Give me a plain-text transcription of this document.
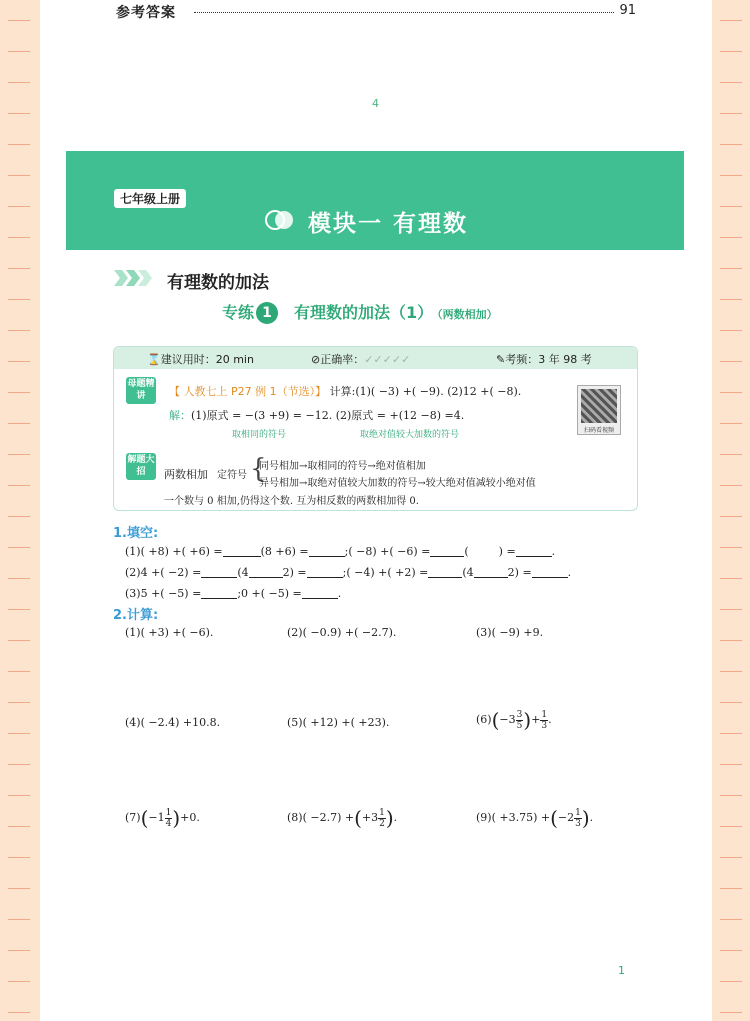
参考答案	91
4
七年级上册
模块一 有理数
有理数的加法
专练 1 有理数的加法（1） （两数相加）
⌛建议用时：20 min	⊘正确率：✓✓✓✓✓	✎考频：3 年 98 考
母题精讲	【 人教七上 P27 例 1（节选）】 计算:(1)( −3) +( −9). (2)12 +( −8).
解：(1)原式 = −(3 +9) = −12. (2)原式 = +(12 −8) =4.
取相同的符号	取绝对值较大加数的符号	扫码看视频
解题大招	两数相加 定符号 {
同号相加→取相同的符号→绝对值相加
异号相加→取绝对值较大加数的符号→较大绝对值减较小绝对值
一个数与 0 相加,仍得这个数. 互为相反数的两数相加得 0.
1.填空:
(1)( +8) +( +6) =	(8 +6) =	;( −8) +( −6) =	(	) =	.
(2)4 +( −2) =	(4	2) =	;( −4) +( +2) =	(4	2) =	.
(3)5 +( −5) =	;0 +( −5) =	.
2.计算:
(1)( +3) +( −6).	(2)( −0.9) +( −2.7).	(3)( −9) +9.
(4)( −2.4) +10.8.	(5)( +12) +( +23).	$(6)(-3 \frac{3}{5}$ )+ $\frac{1}{3}$ .
$(7)(-1 \frac{1}{4} )+0$.	$(8)( -2.7) +(+3 \frac{1}{2}$ ).	$(9)( +3.75) +(-2 \frac{1}{3}$ ).
1
